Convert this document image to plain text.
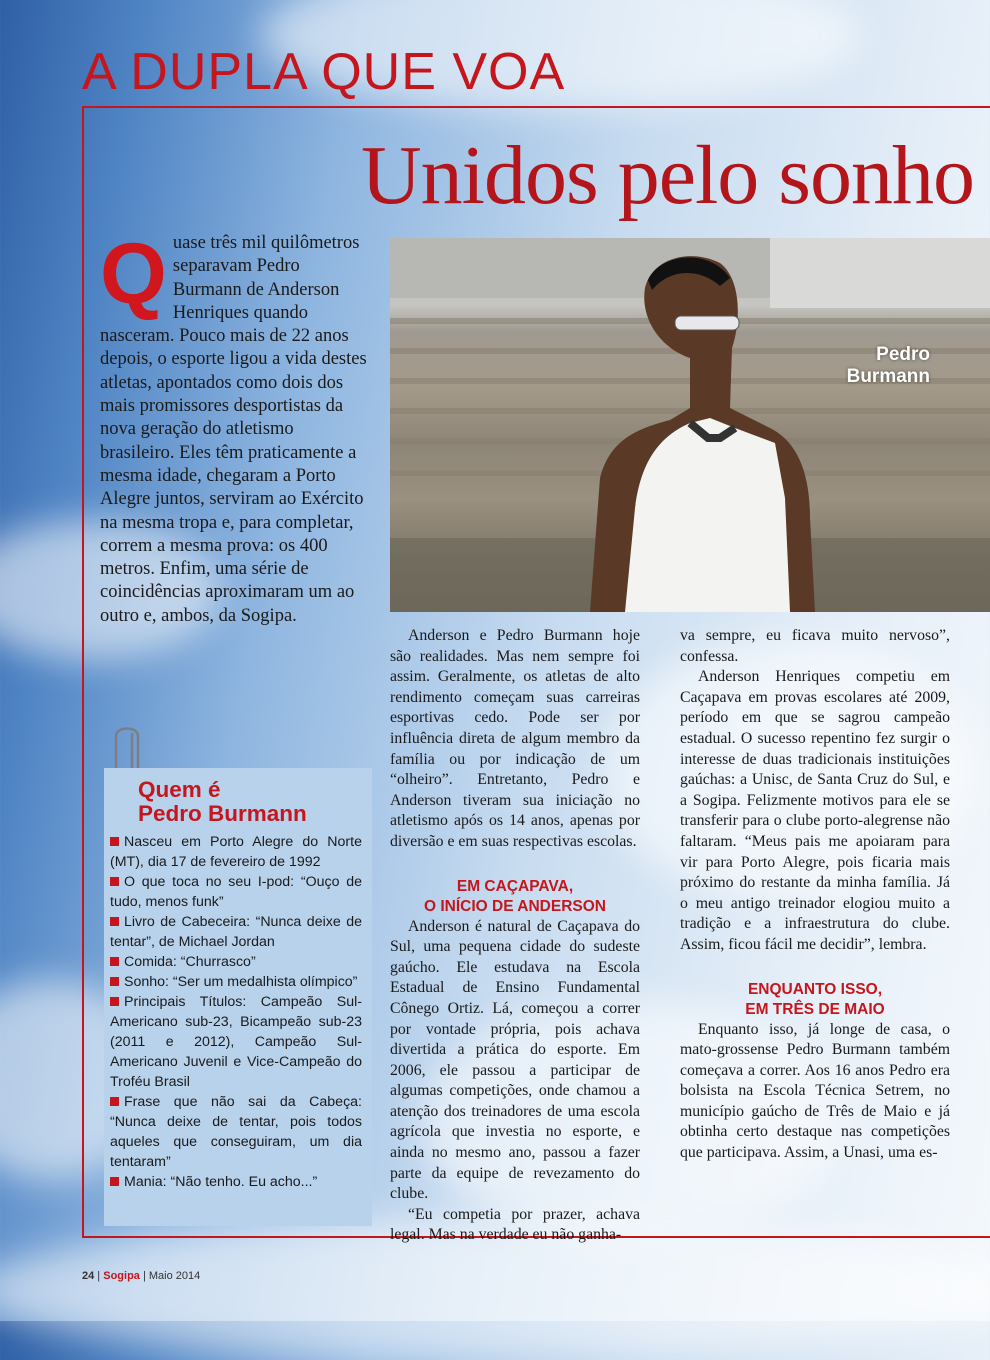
A DUPLA QUE VOA
Unidos pelo sonho
Quase três mil quilômetros separavam Pedro Burmann de Anderson Henriques quando nasceram. Pouco mais de 22 anos depois, o esporte ligou a vida destes atletas, apontados como dois dos mais promissores desportistas da nova geração do atletismo brasileiro. Eles têm praticamente a mesma idade, chegaram a Porto Alegre juntos, serviram ao Exército na mesma tropa e, para completar, correm a mesma prova: os 400 metros. Enfim, uma série de coincidências aproximaram um ao outro e, ambos, da Sogipa.
Pedro
Burmann
Quem é
Pedro Burmann
Nasceu em Porto Alegre do Norte (MT), dia 17 de fevereiro de 1992
O que toca no seu I-pod: “Ouço de tudo, menos funk”
Livro de Cabeceira: “Nunca deixe de tentar”, de Michael Jordan
Comida: “Churrasco”
Sonho: “Ser um medalhista olímpico”
Principais Títulos: Campeão Sul-Americano sub-23, Bicampeão sub-23 (2011 e 2012), Campeão Sul-Americano Juvenil e Vice-Campeão do Troféu Brasil
Frase que não sai da Cabeça: “Nunca deixe de tentar, pois todos aqueles que conseguiram, um dia tentaram”
Mania: “Não tenho. Eu acho...”

Anderson e Pedro Burmann hoje são realidades. Mas nem sempre foi assim. Geralmente, os atletas de alto rendimento começam suas carreiras esportivas cedo. Pode ser por influência direta de algum membro da família ou por indicação de um “olheiro”. Entretanto, Pedro e Anderson tiveram sua iniciação no atletismo após os 14 anos, apenas por diversão e em suas respectivas escolas.

EM CAÇAPAVA,
O INÍCIO DE ANDERSON

Anderson é natural de Caçapava do Sul, uma pequena cidade do sudeste gaúcho. Ele estudava na Escola Estadual de Ensino Fundamental Cônego Ortiz. Lá, começou a correr por vontade própria, pois achava divertida a prática do esporte. Em 2006, ele passou a participar de algumas competições, onde chamou a atenção dos treinadores de uma escola agrícola que investia no esporte, e ainda no mesmo ano, passou a fazer parte da equipe de revezamento do clube.

“Eu competia por prazer, achava legal. Mas na verdade eu não ganha-

va sempre, eu ficava muito nervoso”, confessa.

Anderson Henriques competiu em Caçapava em provas escolares até 2009, período em que se sagrou campeão estadual. O sucesso repentino fez surgir o interesse de duas tradicionais instituições gaúchas: a Unisc, de Santa Cruz do Sul, e a Sogipa. Felizmente motivos para ele se transferir para o clube porto-alegrense não faltaram. “Meus pais me apoiaram para vir para Porto Alegre, pois ficaria mais próximo do restante da minha família. Já o meu antigo treinador elogiou muito a tradição e a infraestrutura do clube. Assim, ficou fácil me decidir”, lembra.

ENQUANTO ISSO,
EM TRÊS DE MAIO

Enquanto isso, já longe de casa, o mato-grossense Pedro Burmann também começava a correr. Aos 16 anos Pedro era bolsista na Escola Técnica Setrem, no município gaúcho de Três de Maio e já obtinha certo destaque nas competições que participava. Assim, a Unasi, uma es-

24 | Sogipa | Maio 2014
